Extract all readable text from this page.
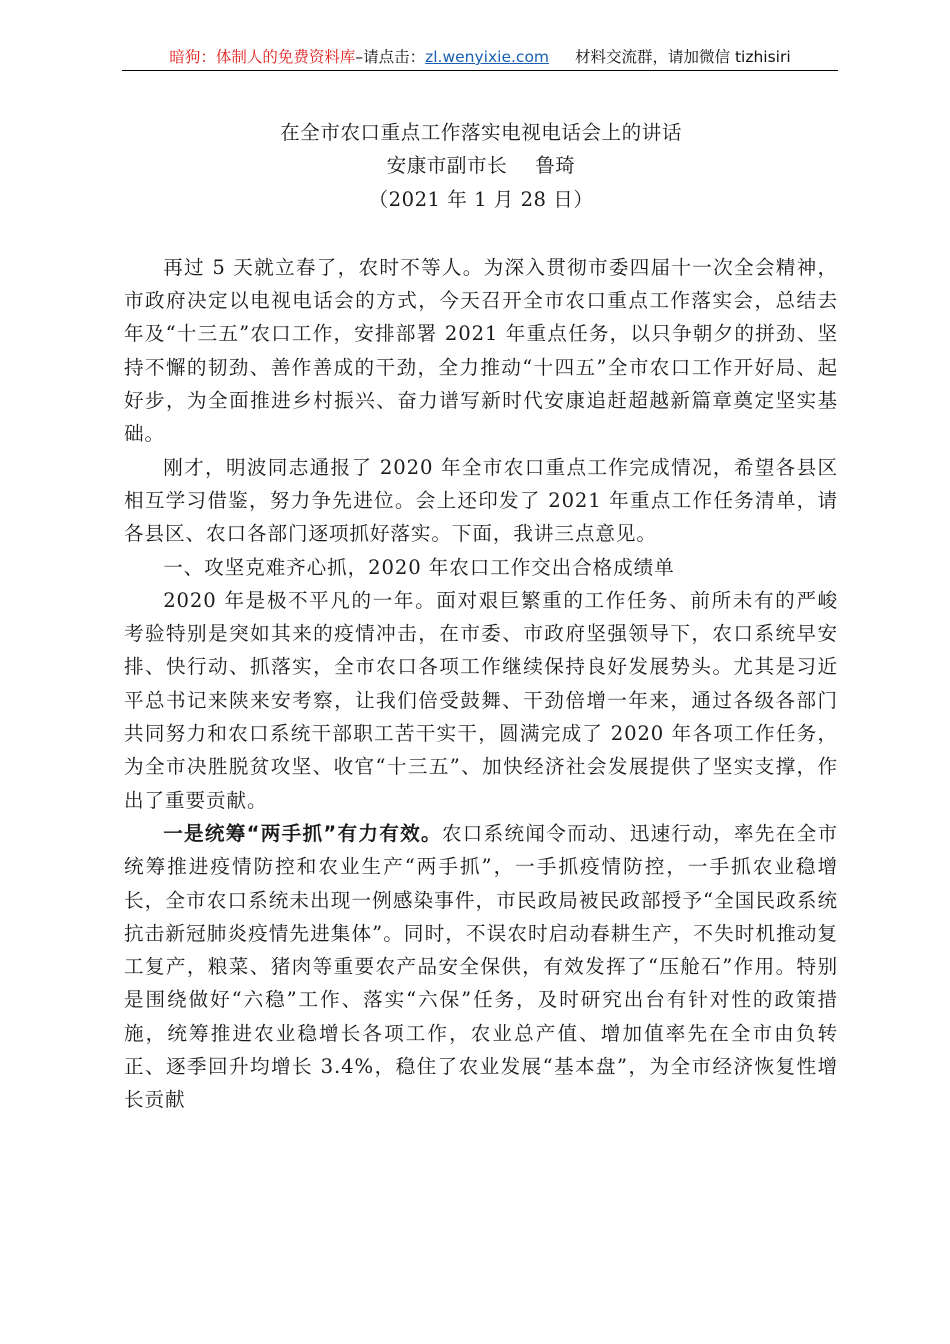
暗狗：体制人的免费资料库–请点击：zl.wenyixie.com 材料交流群，请加微信 tizhisiri

在全市农口重点工作落实电视电话会上的讲话

安康市副市长 鲁琦

（2021 年 1 月 28 日）

再过 5 天就立春了，农时不等人。为深入贯彻市委四届十一次全会精神，市政府决定以电视电话会的方式，今天召开全市农口重点工作落实会，总结去年及“十三五”农口工作，安排部署 2021 年重点任务，以只争朝夕的拼劲、坚持不懈的韧劲、善作善成的干劲，全力推动“十四五”全市农口工作开好局、起好步，为全面推进乡村振兴、奋力谱写新时代安康追赶超越新篇章奠定坚实基础。

刚才，明波同志通报了 2020 年全市农口重点工作完成情况，希望各县区相互学习借鉴，努力争先进位。会上还印发了 2021 年重点工作任务清单，请各县区、农口各部门逐项抓好落实。下面，我讲三点意见。

一、攻坚克难齐心抓，2020 年农口工作交出合格成绩单

2020 年是极不平凡的一年。面对艰巨繁重的工作任务、前所未有的严峻考验特别是突如其来的疫情冲击，在市委、市政府坚强领导下，农口系统早安排、快行动、抓落实，全市农口各项工作继续保持良好发展势头。尤其是习近平总书记来陕来安考察，让我们倍受鼓舞、干劲倍增一年来，通过各级各部门共同努力和农口系统干部职工苦干实干，圆满完成了 2020 年各项工作任务，为全市决胜脱贫攻坚、收官“十三五”、加快经济社会发展提供了坚实支撑，作出了重要贡献。

一是统筹“两手抓”有力有效。农口系统闻令而动、迅速行动，率先在全市统筹推进疫情防控和农业生产“两手抓”，一手抓疫情防控，一手抓农业稳增长，全市农口系统未出现一例感染事件，市民政局被民政部授予“全国民政系统抗击新冠肺炎疫情先进集体”。同时，不误农时启动春耕生产，不失时机推动复工复产，粮菜、猪肉等重要农产品安全保供，有效发挥了“压舱石”作用。特别是围绕做好“六稳”工作、落实“六保”任务，及时研究出台有针对性的政策措施，统筹推进农业稳增长各项工作，农业总产值、增加值率先在全市由负转正、逐季回升均增长 3.4%，稳住了农业发展“基本盘”，为全市经济恢复性增长贡献
